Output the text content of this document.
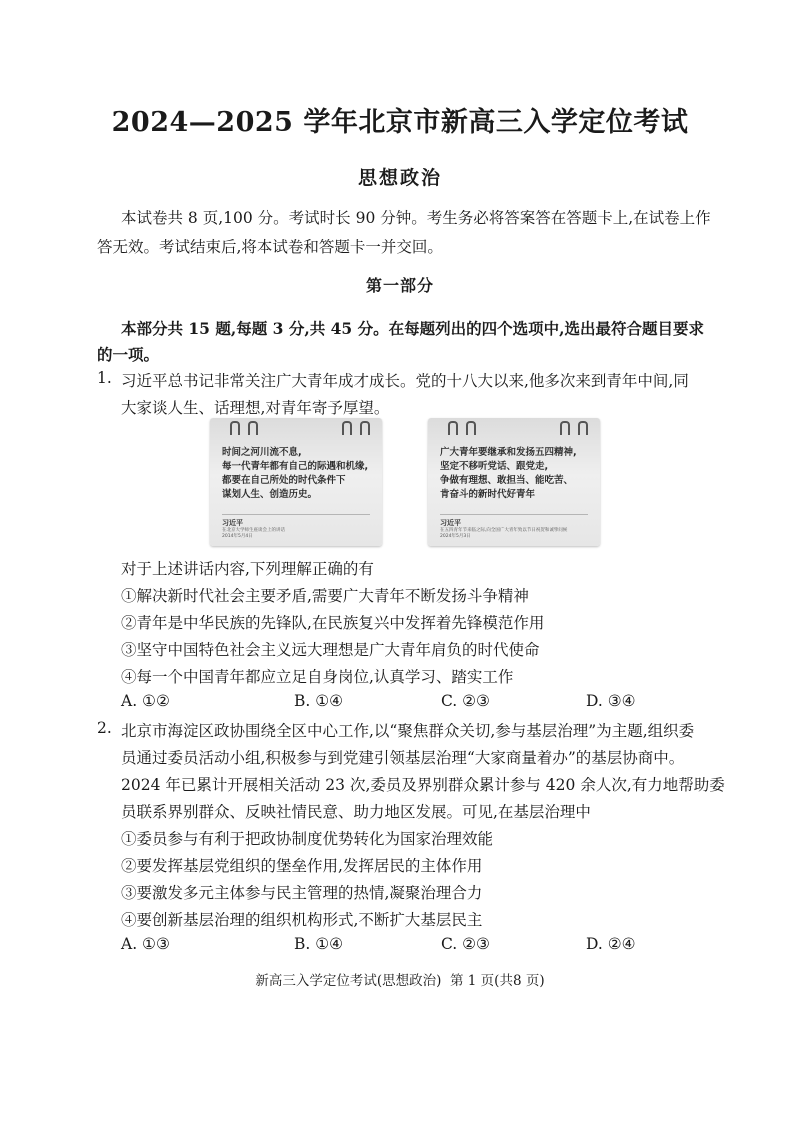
2024—2025 学年北京市新高三入学定位考试
思想政治
本试卷共 8 页,100 分。考试时长 90 分钟。考生务必将答案答在答题卡上,在试卷上作
答无效。考试结束后,将本试卷和答题卡一并交回。
第一部分
本部分共 15 题,每题 3 分,共 45 分。在每题列出的四个选项中,选出最符合题目要求
的一项。
1. 习近平总书记非常关注广大青年成才成长。党的十八大以来,他多次来到青年中间,同
大家谈人生、话理想,对青年寄予厚望。
时间之河川流不息,
每一代青年都有自己的际遇和机缘,
都要在自己所处的时代条件下
谋划人生、创造历史。
习近平
在北京大学师生座谈会上的讲话
2014年5月4日
广大青年要继承和发扬五四精神,
坚定不移听党话、跟党走,
争做有理想、敢担当、能吃苦、
肯奋斗的新时代好青年
习近平
在五四青年节来临之际,向全国广大青年致以节日祝贺和诚挚问候
2024年5月3日
对于上述讲话内容,下列理解正确的有
①解决新时代社会主要矛盾,需要广大青年不断发扬斗争精神
②青年是中华民族的先锋队,在民族复兴中发挥着先锋模范作用
③坚守中国特色社会主义远大理想是广大青年肩负的时代使命
④每一个中国青年都应立足自身岗位,认真学习、踏实工作
A. ①②	B. ①④	C. ②③	D. ③④
2. 北京市海淀区政协围绕全区中心工作,以“聚焦群众关切,参与基层治理”为主题,组织委
员通过委员活动小组,积极参与到党建引领基层治理“大家商量着办”的基层协商中。
2024 年已累计开展相关活动 23 次,委员及界别群众累计参与 420 余人次,有力地帮助委
员联系界别群众、反映社情民意、助力地区发展。可见,在基层治理中
①委员参与有利于把政协制度优势转化为国家治理效能
②要发挥基层党组织的堡垒作用,发挥居民的主体作用
③要激发多元主体参与民主管理的热情,凝聚治理合力
④要创新基层治理的组织机构形式,不断扩大基层民主
A. ①③	B. ①④	C. ②③	D. ②④
新高三入学定位考试(思想政治)  第 1 页(共8 页)
